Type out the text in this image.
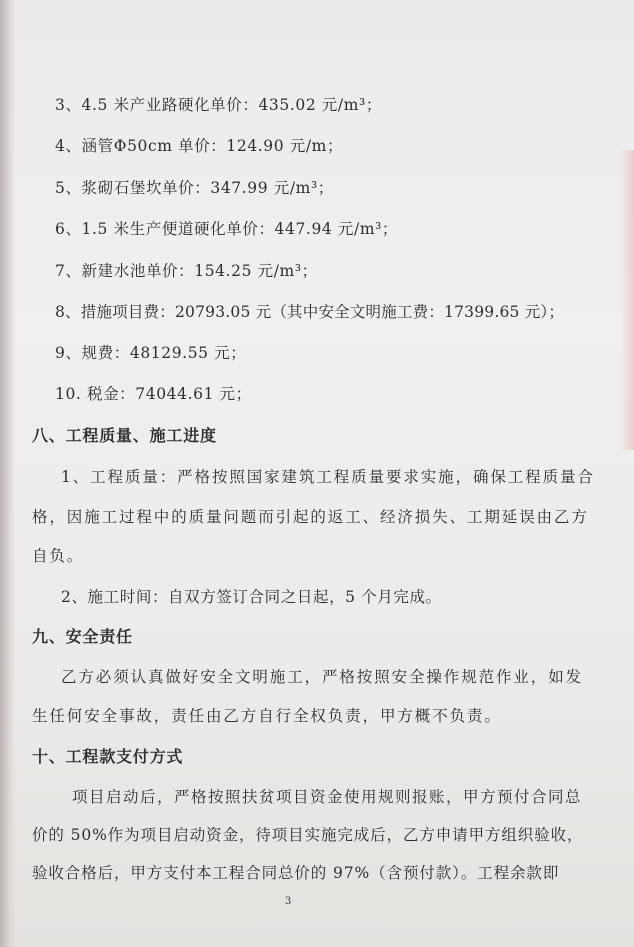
3、4.5 米产业路硬化单价：435.02 元/m³；
4、涵管Φ50cm 单价：124.90 元/m；
5、浆砌石堡坎单价：347.99 元/m³；
6、1.5 米生产便道硬化单价：447.94 元/m³；
7、新建水池单价：154.25 元/m³；
8、措施项目费：20793.05 元（其中安全文明施工费：17399.65 元）；
9、规费：48129.55 元；
10. 税金：74044.61 元；
八、工程质量、施工进度
1、工程质量：严格按照国家建筑工程质量要求实施，确保工程质量合
格，因施工过程中的质量问题而引起的返工、经济损失、工期延误由乙方
自负。
2、施工时间：自双方签订合同之日起，5 个月完成。
九、安全责任
乙方必须认真做好安全文明施工，严格按照安全操作规范作业，如发
生任何安全事故，责任由乙方自行全权负责，甲方概不负责。
十、工程款支付方式
项目启动后，严格按照扶贫项目资金使用规则报账，甲方预付合同总
价的 50%作为项目启动资金，待项目实施完成后，乙方申请甲方组织验收，
验收合格后，甲方支付本工程合同总价的 97%（含预付款）。工程余款即
3
